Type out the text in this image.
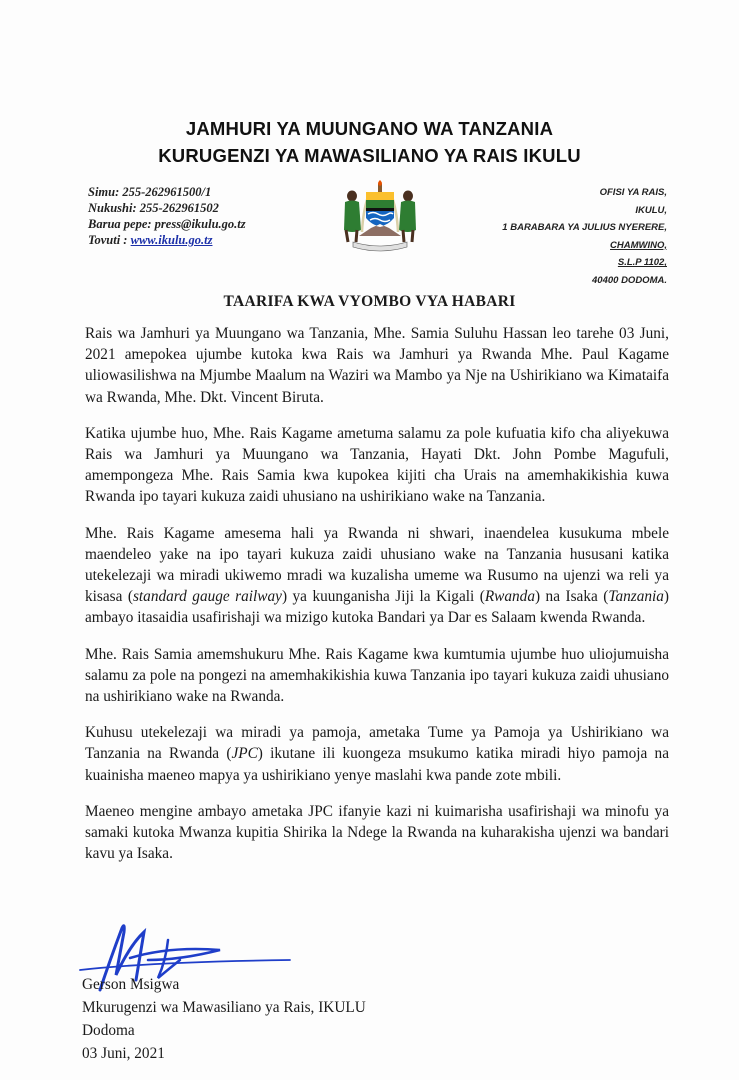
JAMHURI YA MUUNGANO WA TANZANIA
KURUGENZI YA MAWASILIANO YA RAIS IKULU
Simu: 255-262961500/1
Nukushi: 255-262961502
Barua pepe: press@ikulu.go.tz
Tovuti : www.ikulu.go.tz
OFISI YA RAIS,
IKULU,
1 BARABARA YA JULIUS NYERERE,
CHAMWINO,
S.L.P 1102,
40400 DODOMA.
TAARIFA KWA VYOMBO VYA HABARI

Rais wa Jamhuri ya Muungano wa Tanzania, Mhe. Samia Suluhu Hassan leo tarehe 03 Juni, 2021 amepokea ujumbe kutoka kwa Rais wa Jamhuri ya Rwanda Mhe. Paul Kagame uliowasilishwa na Mjumbe Maalum na Waziri wa Mambo ya Nje na Ushirikiano wa Kimataifa wa Rwanda, Mhe. Dkt. Vincent Biruta.

Katika ujumbe huo, Mhe. Rais Kagame ametuma salamu za pole kufuatia kifo cha aliyekuwa Rais wa Jamhuri ya Muungano wa Tanzania, Hayati Dkt. John Pombe Magufuli, amempongeza Mhe. Rais Samia kwa kupokea kijiti cha Urais na amemhakikishia kuwa Rwanda ipo tayari kukuza zaidi uhusiano na ushirikiano wake na Tanzania.

Mhe. Rais Kagame amesema hali ya Rwanda ni shwari, inaendelea kusukuma mbele maendeleo yake na ipo tayari kukuza zaidi uhusiano wake na Tanzania hususani katika utekelezaji wa miradi ukiwemo mradi wa kuzalisha umeme wa Rusumo na ujenzi wa reli ya kisasa (standard gauge railway) ya kuunganisha Jiji la Kigali (Rwanda) na Isaka (Tanzania) ambayo itasaidia usafirishaji wa mizigo kutoka Bandari ya Dar es Salaam kwenda Rwanda.

Mhe. Rais Samia amemshukuru Mhe. Rais Kagame kwa kumtumia ujumbe huo uliojumuisha salamu za pole na pongezi na amemhakikishia kuwa Tanzania ipo tayari kukuza zaidi uhusiano na ushirikiano wake na Rwanda.

Kuhusu utekelezaji wa miradi ya pamoja, ametaka Tume ya Pamoja ya Ushirikiano wa Tanzania na Rwanda (JPC) ikutane ili kuongeza msukumo katika miradi hiyo pamoja na kuainisha maeneo mapya ya ushirikiano yenye maslahi kwa pande zote mbili.

Maeneo mengine ambayo ametaka JPC ifanyie kazi ni kuimarisha usafirishaji wa minofu ya samaki kutoka Mwanza kupitia Shirika la Ndege la Rwanda na kuharakisha ujenzi wa bandari kavu ya Isaka.

Gerson Msigwa
Mkurugenzi wa Mawasiliano ya Rais, IKULU
Dodoma
03 Juni, 2021
